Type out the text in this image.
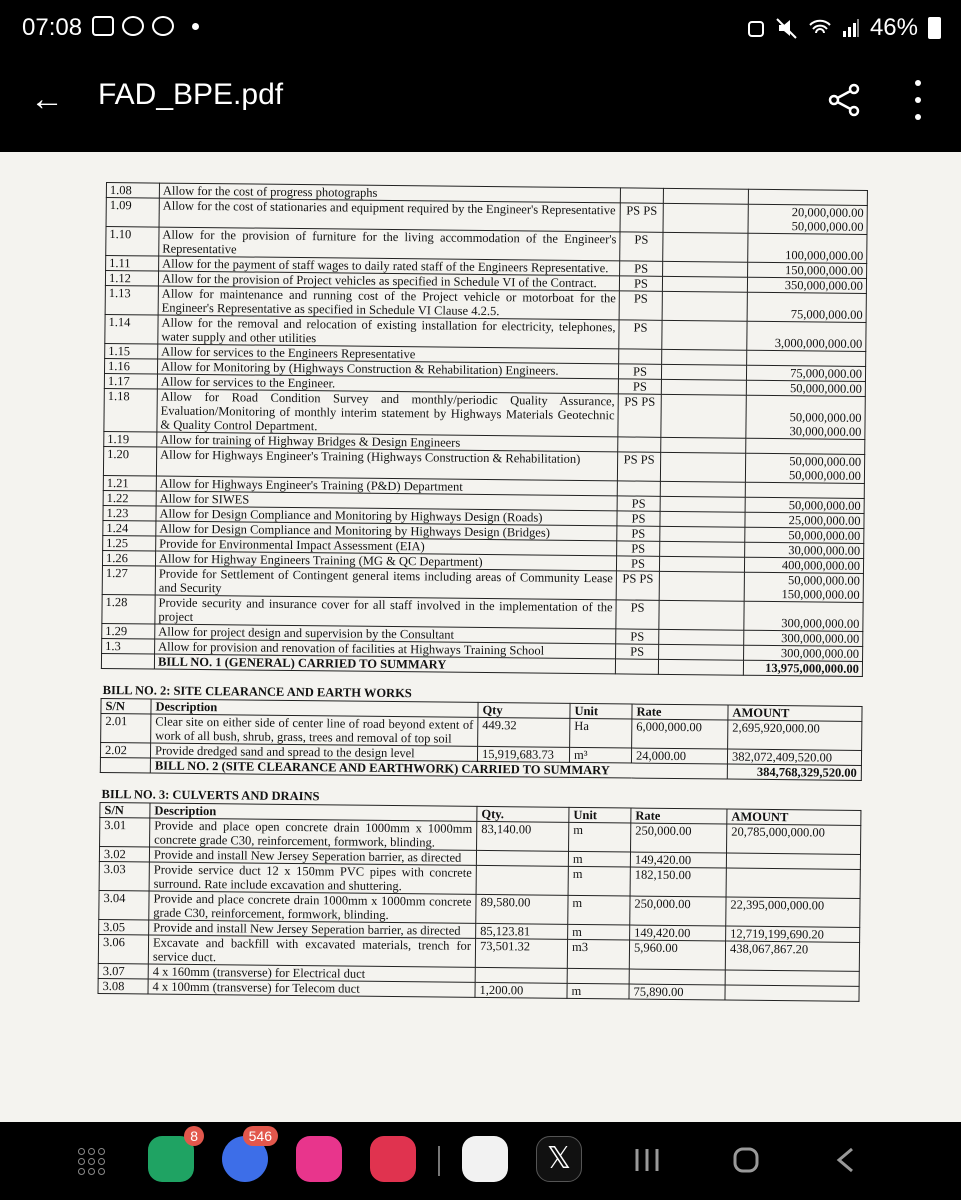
07:08	46%
← FAD_BPE.pdf
1.08	Allow for the cost of progress photographs			
1.09	Allow for the cost of stationaries and equipment required by the Engineer's Representative	PS PS		20,000,000.00 50,000,000.00
1.10	Allow for the provision of furniture for the living accommodation of the Engineer's Representative	PS		100,000,000.00
1.11	Allow for the payment of staff wages to daily rated staff of the Engineers Representative.	PS		150,000,000.00
1.12	Allow for the provision of Project vehicles as specified in Schedule VI of the Contract.	PS		350,000,000.00
1.13	Allow for maintenance and running cost of the Project vehicle or motorboat for the Engineer's Representative as specified in Schedule VI Clause 4.2.5.	PS		75,000,000.00
1.14	Allow for the removal and relocation of existing installation for electricity, telephones, water supply and other utilities	PS		3,000,000,000.00
1.15	Allow for services to the Engineers Representative			
1.16	Allow for Monitoring by (Highways Construction & Rehabilitation) Engineers.	PS		75,000,000.00
1.17	Allow for services to the Engineer.	PS		50,000,000.00
1.18	Allow for Road Condition Survey and monthly/periodic Quality Assurance, Evaluation/Monitoring of monthly interim statement by Highways Materials Geotechnic & Quality Control Department.	PS PS		50,000,000.00 30,000,000.00
1.19	Allow for training of Highway Bridges & Design Engineers			
1.20	Allow for Highways Engineer's Training (Highways Construction & Rehabilitation)	PS PS		50,000,000.00 50,000,000.00
1.21	Allow for Highways Engineer's Training (P&D) Department			
1.22	Allow for SIWES	PS		50,000,000.00
1.23	Allow for Design Compliance and Monitoring by Highways Design (Roads)	PS		25,000,000.00
1.24	Allow for Design Compliance and Monitoring by Highways Design (Bridges)	PS		50,000,000.00
1.25	Provide for Environmental Impact Assessment (EIA)	PS		30,000,000.00
1.26	Allow for Highway Engineers Training (MG & QC Department)	PS		400,000,000.00
1.27	Provide for Settlement of Contingent general items including areas of Community Lease and Security	PS PS		50,000,000.00 150,000,000.00
1.28	Provide security and insurance cover for all staff involved in the implementation of the project	PS		300,000,000.00
1.29	Allow for project design and supervision by the Consultant	PS		300,000,000.00
1.3	Allow for provision and renovation of facilities at Highways Training School	PS		300,000,000.00
	BILL NO. 1 (GENERAL) CARRIED TO SUMMARY			13,975,000,000.00
BILL NO. 2: SITE CLEARANCE AND EARTH WORKS
S/N	Description	Qty	Unit	Rate	AMOUNT
2.01	Clear site on either side of center line of road beyond extent of work of all bush, shrub, grass, trees and removal of top soil	449.32	Ha	6,000,000.00	2,695,920,000.00
2.02	Provide dredged sand and spread to the design level	15,919,683.73	m³	24,000.00	382,072,409,520.00
	BILL NO. 2 (SITE CLEARANCE AND EARTHWORK) CARRIED TO SUMMARY				384,768,329,520.00
BILL NO. 3: CULVERTS AND DRAINS
S/N	Description	Qty.	Unit	Rate	AMOUNT
3.01	Provide and place open concrete drain 1000mm x 1000mm concrete grade C30, reinforcement, formwork, blinding.	83,140.00	m	250,000.00	20,785,000,000.00
3.02	Provide and install New Jersey Seperation barrier, as directed		m	149,420.00	
3.03	Provide service duct 12 x 150mm PVC pipes with concrete surround. Rate include excavation and shuttering.		m	182,150.00	
3.04	Provide and place concrete drain 1000mm x 1000mm concrete grade C30, reinforcement, formwork, blinding.	89,580.00	m	250,000.00	22,395,000,000.00
3.05	Provide and install New Jersey Seperation barrier, as directed	85,123.81	m	149,420.00	12,719,199,690.20
3.06	Excavate and backfill with excavated materials, trench for service duct.	73,501.32	m3	5,960.00	438,067,867.20
3.07	4 x 160mm (transverse) for Electrical duct				
3.08	4 x 100mm (transverse) for Telecom duct	1,200.00	m	75,890.00	
8	546
𝕏
